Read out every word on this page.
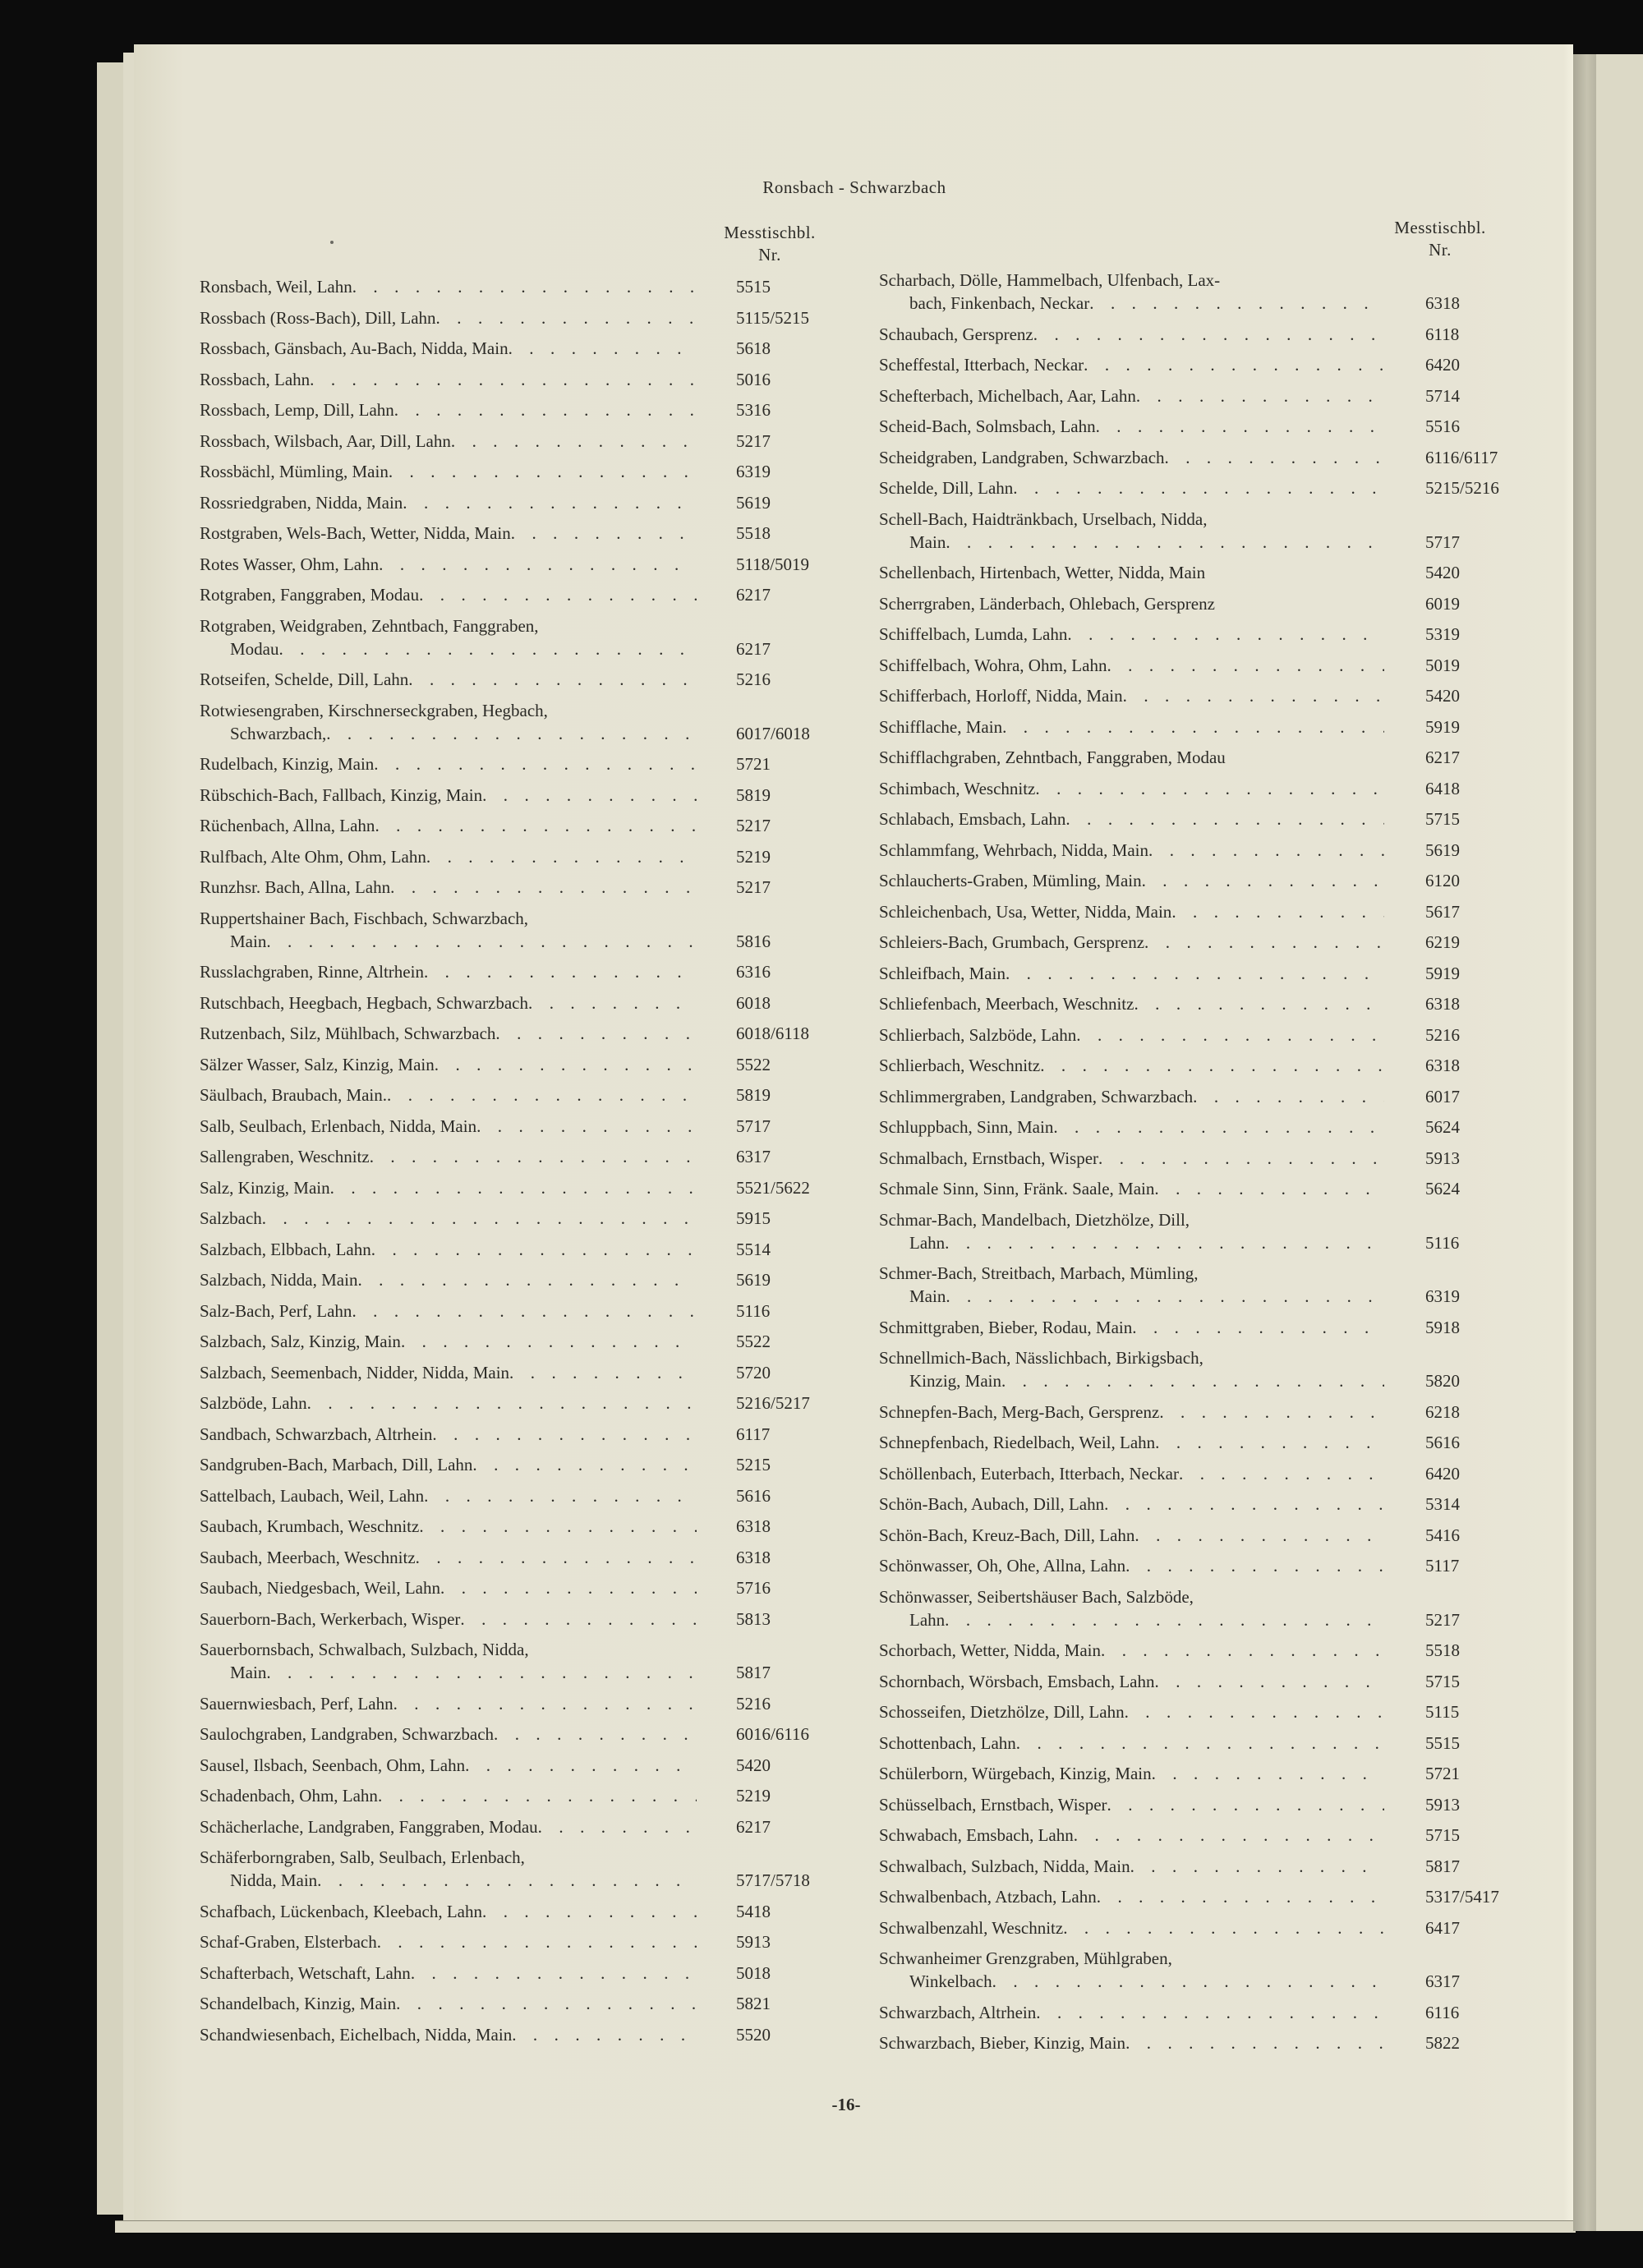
Ronsbach - Schwarzbach
Messtischbl.
Nr.
Messtischbl.
Nr.
Ronsbach, Weil, Lahn . . .	5515
Rossbach (Ross-Bach), Dill, Lahn . . .	5115/5215
Rossbach, Gänsbach, Au-Bach, Nidda, Main . . .	5618
Rossbach, Lahn . . .	5016
Rossbach, Lemp, Dill, Lahn . . .	5316
Rossbach, Wilsbach, Aar, Dill, Lahn . . .	5217
Rossbächl, Mümling, Main . . .	6319
Rossriedgraben, Nidda, Main . . .	5619
Rostgraben, Wels-Bach, Wetter, Nidda, Main . . .	5518
Rotes Wasser, Ohm, Lahn . . .	5118/5019
Rotgraben, Fanggraben, Modau . . .	6217
Rotgraben, Weidgraben, Zehntbach, Fanggraben,
Modau . . .	6217
Rotseifen, Schelde, Dill, Lahn . . .	5216
Rotwiesengraben, Kirschnerseckgraben, Hegbach,
Schwarzbach, . . .	6017/6018
Rudelbach, Kinzig, Main . . .	5721
Rübschich-Bach, Fallbach, Kinzig, Main . . .	5819
Rüchenbach, Allna, Lahn . . .	5217
Rulfbach, Alte Ohm, Ohm, Lahn . . .	5219
Runzhsr. Bach, Allna, Lahn . . .	5217
Ruppertshainer Bach, Fischbach, Schwarzbach,
Main . . .	5816
Russlachgraben, Rinne, Altrhein . . .	6316
Rutschbach, Heegbach, Hegbach, Schwarzbach . . .	6018
Rutzenbach, Silz, Mühlbach, Schwarzbach . . .	6018/6118
Sälzer Wasser, Salz, Kinzig, Main . . .	5522
Säulbach, Braubach, Main. . . .	5819
Salb, Seulbach, Erlenbach, Nidda, Main . . .	5717
Sallengraben, Weschnitz . . .	6317
Salz, Kinzig, Main . . .	5521/5622
Salzbach . . .	5915
Salzbach, Elbbach, Lahn . . .	5514
Salzbach, Nidda, Main . . .	5619
Salz-Bach, Perf, Lahn . . .	5116
Salzbach, Salz, Kinzig, Main . . .	5522
Salzbach, Seemenbach, Nidder, Nidda, Main . . .	5720
Salzböde, Lahn . . .	5216/5217
Sandbach, Schwarzbach, Altrhein . . .	6117
Sandgruben-Bach, Marbach, Dill, Lahn . . .	5215
Sattelbach, Laubach, Weil, Lahn . . .	5616
Saubach, Krumbach, Weschnitz . . .	6318
Saubach, Meerbach, Weschnitz . . .	6318
Saubach, Niedgesbach, Weil, Lahn . . .	5716
Sauerborn-Bach, Werkerbach, Wisper . . .	5813
Sauerbornsbach, Schwalbach, Sulzbach, Nidda,
Main . . .	5817
Sauernwiesbach, Perf, Lahn . . .	5216
Saulochgraben, Landgraben, Schwarzbach . . .	6016/6116
Sausel, Ilsbach, Seenbach, Ohm, Lahn . . .	5420
Schadenbach, Ohm, Lahn . . .	5219
Schächerlache, Landgraben, Fanggraben, Modau . . .	6217
Schäferborngraben, Salb, Seulbach, Erlenbach,
Nidda, Main . . .	5717/5718
Schafbach, Lückenbach, Kleebach, Lahn . . .	5418
Schaf-Graben, Elsterbach . . .	5913
Schafterbach, Wetschaft, Lahn . . .	5018
Schandelbach, Kinzig, Main . . .	5821
Schandwiesenbach, Eichelbach, Nidda, Main . . .	5520
Scharbach, Dölle, Hammelbach, Ulfenbach, Lax-
bach, Finkenbach, Neckar . . .	6318
Schaubach, Gersprenz . . .	6118
Scheffestal, Itterbach, Neckar . . .	6420
Schefterbach, Michelbach, Aar, Lahn . . .	5714
Scheid-Bach, Solmsbach, Lahn . . .	5516
Scheidgraben, Landgraben, Schwarzbach . . .	6116/6117
Schelde, Dill, Lahn . . .	5215/5216
Schell-Bach, Haidtränkbach, Urselbach, Nidda,
Main . . .	5717
Schellenbach, Hirtenbach, Wetter, Nidda, Main	5420
Scherrgraben, Länderbach, Ohlebach, Gersprenz	6019
Schiffelbach, Lumda, Lahn . . .	5319
Schiffelbach, Wohra, Ohm, Lahn . . .	5019
Schifferbach, Horloff, Nidda, Main . . .	5420
Schifflache, Main . . .	5919
Schifflachgraben, Zehntbach, Fanggraben, Modau	6217
Schimbach, Weschnitz . . .	6418
Schlabach, Emsbach, Lahn . . .	5715
Schlammfang, Wehrbach, Nidda, Main . . .	5619
Schlaucherts-Graben, Mümling, Main . . .	6120
Schleichenbach, Usa, Wetter, Nidda, Main . . .	5617
Schleiers-Bach, Grumbach, Gersprenz . . .	6219
Schleifbach, Main . . .	5919
Schliefenbach, Meerbach, Weschnitz . . .	6318
Schlierbach, Salzböde, Lahn . . .	5216
Schlierbach, Weschnitz . . .	6318
Schlimmergraben, Landgraben, Schwarzbach . . .	6017
Schluppbach, Sinn, Main . . .	5624
Schmalbach, Ernstbach, Wisper . . .	5913
Schmale Sinn, Sinn, Fränk. Saale, Main . . .	5624
Schmar-Bach, Mandelbach, Dietzhölze, Dill,
Lahn . . .	5116
Schmer-Bach, Streitbach, Marbach, Mümling,
Main . . .	6319
Schmittgraben, Bieber, Rodau, Main . . .	5918
Schnellmich-Bach, Nässlichbach, Birkigsbach,
Kinzig, Main . . .	5820
Schnepfen-Bach, Merg-Bach, Gersprenz . . .	6218
Schnepfenbach, Riedelbach, Weil, Lahn . . .	5616
Schöllenbach, Euterbach, Itterbach, Neckar . . .	6420
Schön-Bach, Aubach, Dill, Lahn . . .	5314
Schön-Bach, Kreuz-Bach, Dill, Lahn . . .	5416
Schönwasser, Oh, Ohe, Allna, Lahn . . .	5117
Schönwasser, Seibertshäuser Bach, Salzböde,
Lahn . . .	5217
Schorbach, Wetter, Nidda, Main . . .	5518
Schornbach, Wörsbach, Emsbach, Lahn . . .	5715
Schosseifen, Dietzhölze, Dill, Lahn . . .	5115
Schottenbach, Lahn . . .	5515
Schülerborn, Würgebach, Kinzig, Main . . .	5721
Schüsselbach, Ernstbach, Wisper . . .	5913
Schwabach, Emsbach, Lahn . . .	5715
Schwalbach, Sulzbach, Nidda, Main . . .	5817
Schwalbenbach, Atzbach, Lahn . . .	5317/5417
Schwalbenzahl, Weschnitz . . .	6417
Schwanheimer Grenzgraben, Mühlgraben,
Winkelbach . . .	6317
Schwarzbach, Altrhein . . .	6116
Schwarzbach, Bieber, Kinzig, Main . . .	5822
-16-
